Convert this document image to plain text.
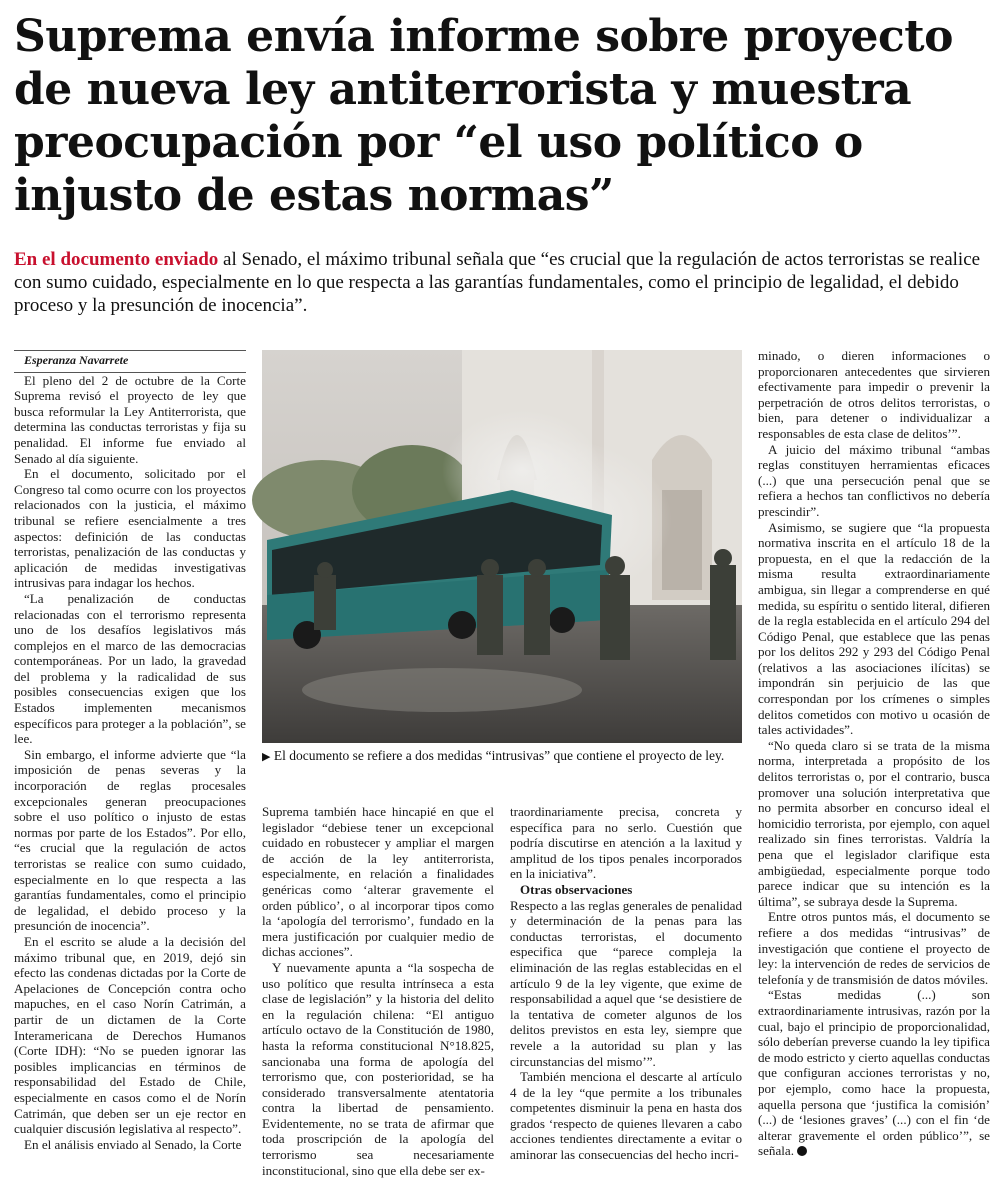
Suprema envía informe sobre proyecto de nueva ley antiterrorista y muestra preocupación por “el uso político o injusto de estas normas”

En el documento enviado al Senado, el máximo tribunal señala que “es crucial que la regulación de actos terroristas se realice con sumo cuidado, especialmente en lo que respecta a las garantías fundamentales, como el principio de legalidad, el debido proceso y la presunción de inocencia”.

Esperanza Navarrete

El pleno del 2 de octubre de la Corte Suprema revisó el proyecto de ley que busca reformular la Ley Antiterrorista, que determina las conductas terroristas y fija su penalidad. El informe fue enviado al Senado al día siguiente.

En el documento, solicitado por el Congreso tal como ocurre con los proyectos relacionados con la justicia, el máximo tribunal se refiere esencialmente a tres aspectos: definición de las conductas terroristas, penalización de las conductas y aplicación de medidas investigativas intrusivas para indagar los hechos.

“La penalización de conductas relacionadas con el terrorismo representa uno de los desafíos legislativos más complejos en el marco de las democracias contemporáneas. Por un lado, la gravedad del problema y la radicalidad de sus posibles consecuencias exigen que los Estados implementen mecanismos específicos para proteger a la población”, se lee.

Sin embargo, el informe advierte que “la imposición de penas severas y la incorporación de reglas procesales excepcionales generan preocupaciones sobre el uso político o injusto de estas normas por parte de los Estados”. Por ello, “es crucial que la regulación de actos terroristas se realice con sumo cuidado, especialmente en lo que respecta a las garantías fundamentales, como el principio de legalidad, el debido proceso y la presunción de inocencia”.

En el escrito se alude a la decisión del máximo tribunal que, en 2019, dejó sin efecto las condenas dictadas por la Corte de Apelaciones de Concepción contra ocho mapuches, en el caso Norín Catrimán, a partir de un dictamen de la Corte Interamericana de Derechos Humanos (Corte IDH): “No se pueden ignorar las posibles implicancias en términos de responsabilidad del Estado de Chile, especialmente en casos como el de Norín Catrimán, que deben ser un eje rector en cualquier discusión legislativa al respecto”.

En el análisis enviado al Senado, la Corte

▶ El documento se refiere a dos medidas “intrusivas” que contiene el proyecto de ley.

Suprema también hace hincapié en que el legislador “debiese tener un excepcional cuidado en robustecer y ampliar el margen de acción de la ley antiterrorista, especialmente, en relación a finalidades genéricas como ‘alterar gravemente el orden público’, o al incorporar tipos como la ‘apología del terrorismo’, fundado en la mera justificación por cualquier medio de dichas acciones”.

Y nuevamente apunta a “la sospecha de uso político que resulta intrínseca a esta clase de legislación” y la historia del delito en la regulación chilena: “El antiguo artículo octavo de la Constitución de 1980, hasta la reforma constitucional N°18.825, sancionaba una forma de apología del terrorismo que, con posterioridad, se ha considerado transversalmente atentatoria contra la libertad de pensamiento. Evidentemente, no se trata de afirmar que toda proscripción de la apología del terrorismo sea necesariamente inconstitucional, sino que ella debe ser ex-

traordinariamente precisa, concreta y específica para no serlo. Cuestión que podría discutirse en atención a la laxitud y amplitud de los tipos penales incorporados en la iniciativa”.

Otras observaciones

Respecto a las reglas generales de penalidad y determinación de la penas para las conductas terroristas, el documento especifica que “parece compleja la eliminación de las reglas establecidas en el artículo 9 de la ley vigente, que exime de responsabilidad a aquel que ‘se desistiere de la tentativa de cometer algunos de los delitos previstos en esta ley, siempre que revele a la autoridad su plan y las circunstancias del mismo’”.

También menciona el descarte al artículo 4 de la ley “que permite a los tribunales competentes disminuir la pena en hasta dos grados ‘respecto de quienes llevaren a cabo acciones tendientes directamente a evitar o aminorar las consecuencias del hecho incri-

minado, o dieren informaciones o proporcionaren antecedentes que sirvieren efectivamente para impedir o prevenir la perpetración de otros delitos terroristas, o bien, para detener o individualizar a responsables de esta clase de delitos’”.

A juicio del máximo tribunal “ambas reglas constituyen herramientas eficaces (...) que una persecución penal que se refiera a hechos tan conflictivos no debería prescindir”.

Asimismo, se sugiere que “la propuesta normativa inscrita en el artículo 18 de la propuesta, en el que la redacción de la misma resulta extraordinariamente ambigua, sin llegar a comprenderse en qué medida, su espíritu o sentido literal, difieren de la regla establecida en el artículo 294 del Código Penal, que establece que las penas por los delitos 292 y 293 del Código Penal (relativos a las asociaciones ilícitas) se impondrán sin perjuicio de las que correspondan por los crímenes o simples delitos cometidos con motivo u ocasión de tales actividades”.

“No queda claro si se trata de la misma norma, interpretada a propósito de los delitos terroristas o, por el contrario, busca promover una solución interpretativa que no permita absorber en concurso ideal el homicidio terrorista, por ejemplo, con aquel realizado sin fines terroristas. Valdría la pena que el legislador clarifique esta ambigüedad, especialmente porque todo parece indicar que su intención es la última”, se subraya desde la Suprema.

Entre otros puntos más, el documento se refiere a dos medidas “intrusivas” de investigación que contiene el proyecto de ley: la intervención de redes de servicios de telefonía y de transmisión de datos móviles.

“Estas medidas (...) son extraordinariamente intrusivas, razón por la cual, bajo el principio de proporcionalidad, sólo deberían preverse cuando la ley tipifica de modo estricto y cierto aquellas conductas que configuran acciones terroristas y no, por ejemplo, como hace la propuesta, aquella persona que ‘justifica la comisión’ (...) de ‘lesiones graves’ (...) con el fin ‘de alterar gravemente el orden público’”, se señala.
